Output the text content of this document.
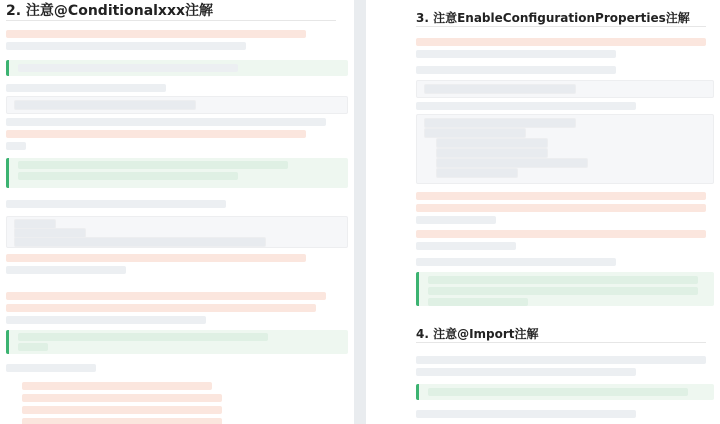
2. 注意@Conditionalxxx注解	3. 注意EnableConfigurationProperties注解
4. 注意@Import注解
